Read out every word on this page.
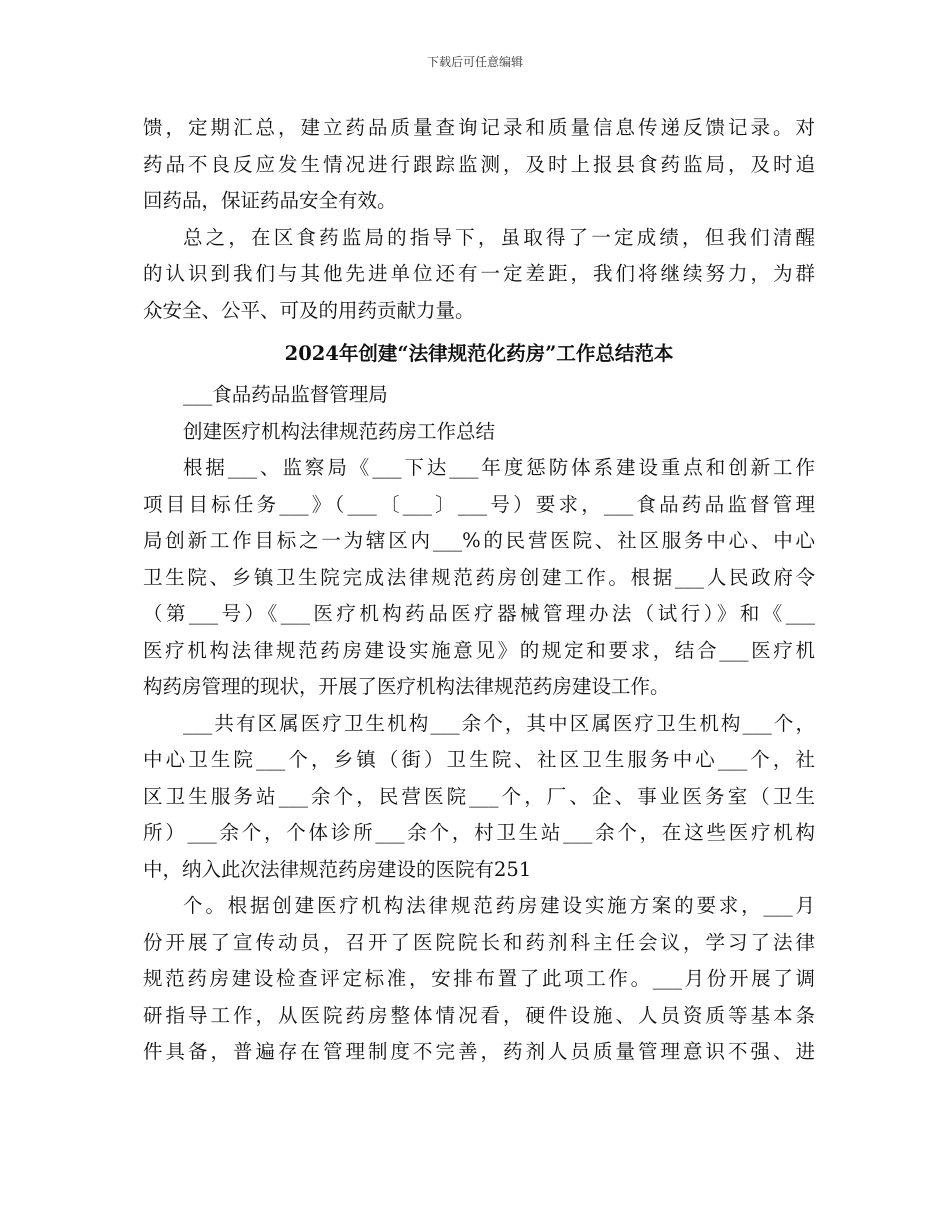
下载后可任意编辑
馈，定期汇总，建立药品质量查询记录和质量信息传递反馈记录。对
药品不良反应发生情况进行跟踪监测，及时上报县食药监局，及时追
回药品，保证药品安全有效。
总之，在区食药监局的指导下，虽取得了一定成绩，但我们清醒
的认识到我们与其他先进单位还有一定差距，我们将继续努力，为群
众安全、公平、可及的用药贡献力量。
2024年创建“法律规范化药房”工作总结范本
___食品药品监督管理局
创建医疗机构法律规范药房工作总结
根据___、监察局《___下达___年度惩防体系建设重点和创新工作
项目目标任务___》（___〔___〕___号）要求，___食品药品监督管理
局创新工作目标之一为辖区内___%的民营医院、社区服务中心、中心
卫生院、乡镇卫生院完成法律规范药房创建工作。根据___人民政府令
（第___号）《___医疗机构药品医疗器械管理办法（试行）》和《___
医疗机构法律规范药房建设实施意见》的规定和要求，结合___医疗机
构药房管理的现状，开展了医疗机构法律规范药房建设工作。
___共有区属医疗卫生机构___余个，其中区属医疗卫生机构___个，
中心卫生院___个，乡镇（街）卫生院、社区卫生服务中心___个，社
区卫生服务站___余个，民营医院___个，厂、企、事业医务室（卫生
所）___余个，个体诊所___余个，村卫生站___余个，在这些医疗机构
中，纳入此次法律规范药房建设的医院有251
个。根据创建医疗机构法律规范药房建设实施方案的要求，___月
份开展了宣传动员，召开了医院院长和药剂科主任会议，学习了法律
规范药房建设检查评定标准，安排布置了此项工作。___月份开展了调
研指导工作，从医院药房整体情况看，硬件设施、人员资质等基本条
件具备，普遍存在管理制度不完善，药剂人员质量管理意识不强、进
